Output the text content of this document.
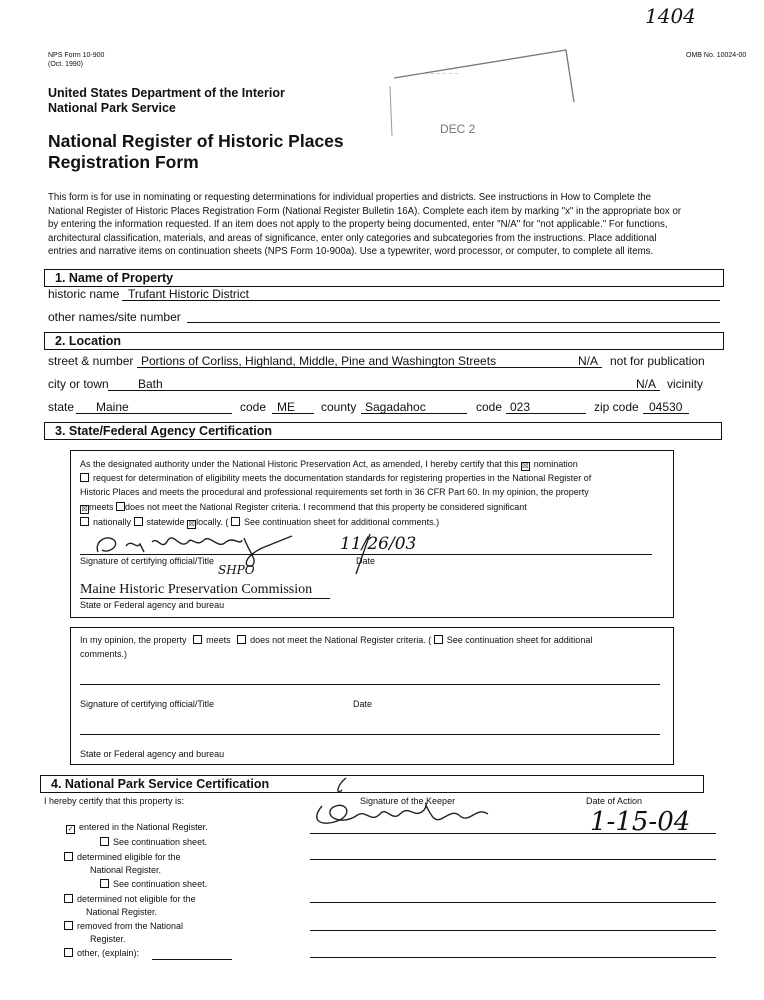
1404
NPS Form 10-900
(Oct. 1990)
OMB No. 10024-00
United States Department of the Interior
National Park Service
National Register of Historic Places
Registration Form
~ ~ ~ ~ ~ ~ ~
DEC 2

This form is for use in nominating or requesting determinations for individual properties and districts. See instructions in How to Complete the

National Register of Historic Places Registration Form (National Register Bulletin 16A). Complete each item by marking "x" in the appropriate box or

by entering the information requested. If an item does not apply to the property being documented, enter "N/A" for "not applicable." For functions,

architectural classification, materials, and areas of significance, enter only categories and subcategories from the instructions. Place additional

entries and narrative items on continuation sheets (NPS Form 10-900a). Use a typewriter, word processor, or computer, to complete all items.

1. Name of Property
historic name Trufant Historic District
other names/site number
2. Location
street & number Portions of Corliss, Highland, Middle, Pine and Washington Streets	N/A not for publication
city or town Bath	N/A vicinity
state Maine	code ME county Sagadahoc	code 023	zip code 04530
3. State/Federal Agency Certification
As the designated authority under the National Historic Preservation Act, as amended, I hereby certify that this ☒ nomination
request for determination of eligibility meets the documentation standards for registering properties in the National Register of
Historic Places and meets the procedural and professional requirements set forth in 36 CFR Part 60. In my opinion, the property
☒meets does not meet the National Register criteria. I recommend that this property be considered significant
nationally statewide ☒locally. ( See continuation sheet for additional comments.)
11/26/03
Signature of certifying official/Title	Date
SHPO
Maine Historic Preservation Commission
State or Federal agency and bureau
In my opinion, the property meets does not meet the National Register criteria. ( See continuation sheet for additional
comments.)
Signature of certifying official/Title	Date
State or Federal agency and bureau
4. National Park Service Certification
I hereby certify that this property is:	Signature of the Keeper	Date of Action
1-15-04
✓ entered in the National Register.
See continuation sheet.
determined eligible for the
National Register.
See continuation sheet.
determined not eligible for the
National Register.
removed from the National
Register.
other, (explain):
